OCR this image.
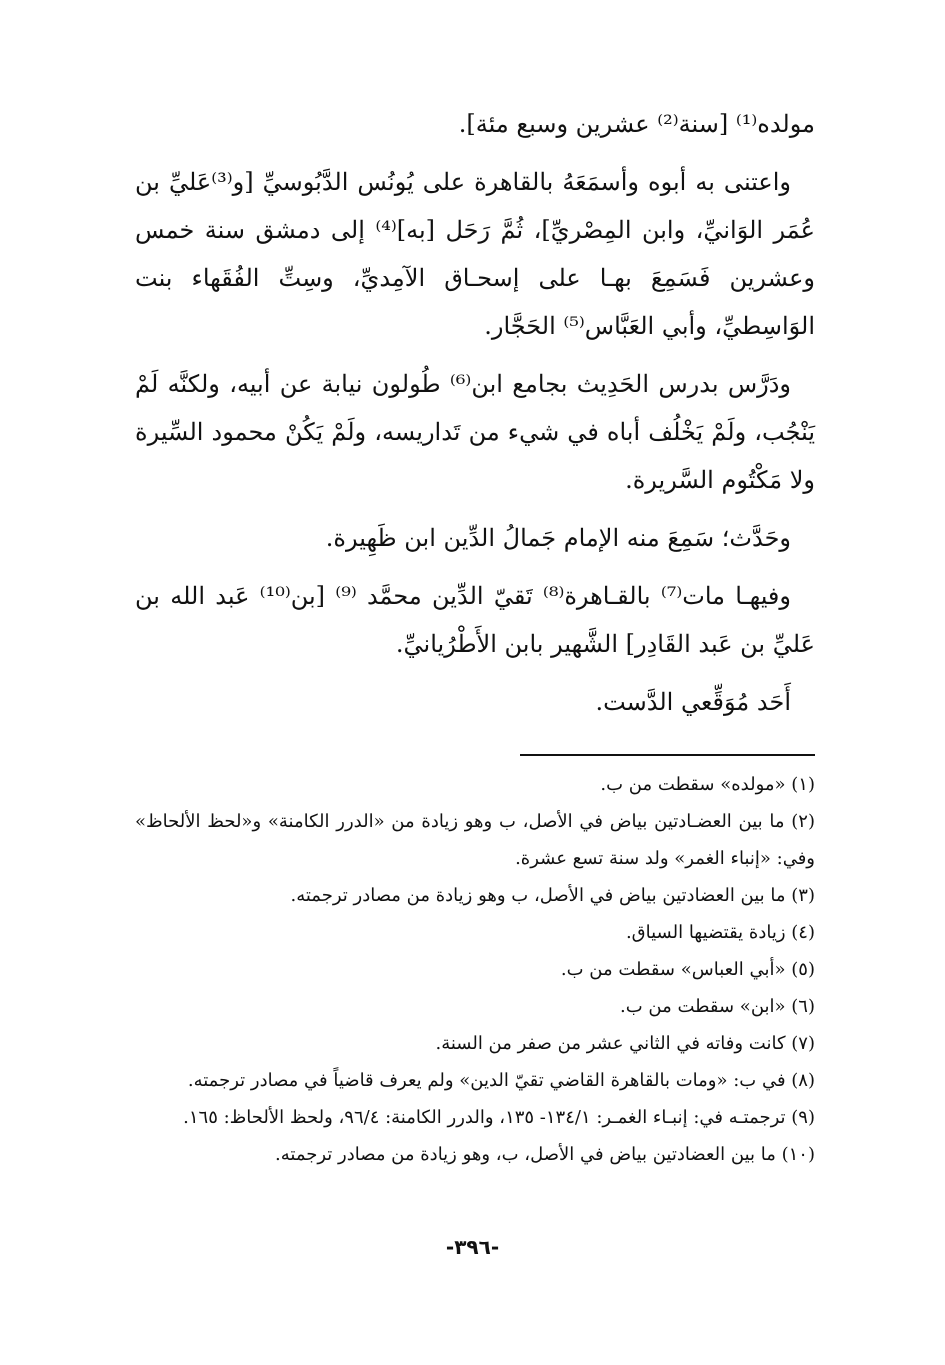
مولده⁽¹⁾ [سنة⁽²⁾ عشرين وسبع مئة].

واعتنى به أبوه وأسمَعَهُ بالقاهرة على يُونُس الدَّبُوسيِّ [و⁽³⁾عَليِّ بن عُمَر الوَانيِّ، وابن المِصْريِّ]، ثُمَّ رَحَل [به]⁽⁴⁾ إلى دمشق سنة خمس وعشرين فَسَمِعَ بهـا على إسحـاق الآمِديِّ، وسِتِّ الفُقَهاء بنت الوَاسِطيِّ، وأبي العَبَّاس⁽⁵⁾ الحَجَّار.

ودَرَّس بدرس الحَدِيث بجامع ابن⁽⁶⁾ طُولون نيابة عن أبيه، ولكنَّه لَمْ يَنْجُب، ولَمْ يَخْلُف أباه في شيء من تَداريسه، ولَمْ يَكُنْ محمود السِّيرة ولا مَكْتُوم السَّريرة.

وحَدَّث؛ سَمِعَ منه الإمام جَمالُ الدِّين ابن ظَهِيرة.

وفيهـا مات⁽⁷⁾ بالقـاهرة⁽⁸⁾ تَقيّ الدِّين محمَّد ⁽⁹⁾ [بن⁽¹⁰⁾ عَبد الله بن عَليِّ بن عَبد القَادِر] الشَّهير بابن الأَطْرُيانيِّ.

أَحَد مُوَقِّعي الدَّست.

(١) «مولده» سقطت من ب.

(٢) ما بين العضـادتين بياض في الأصل، ب وهو زيادة من «الدرر الكامنة» و«لحظ الألحاظ» وفي: «إنباء الغمر» ولد سنة تسع عشرة.

(٣) ما بين العضادتين بياض في الأصل، ب وهو زيادة من مصادر ترجمته.

(٤) زيادة يقتضيها السياق.

(٥) «أبي العباس» سقطت من ب.

(٦) «ابن» سقطت من ب.

(٧) كانت وفاته في الثاني عشر من صفر من السنة.

(٨) في ب: «ومات بالقاهرة القاضي تقيّ الدين» ولم يعرف قاضياً في مصادر ترجمته.

(٩) ترجمتـه في: إنبـاء الغمـر: ١٣٤/١- ١٣٥، والدرر الكامنة: ٩٦/٤، ولحظ الألحاظ: ١٦٥.

(١٠) ما بين العضادتين بياض في الأصل، ب، وهو زيادة من مصادر ترجمته.

-٣٩٦-
